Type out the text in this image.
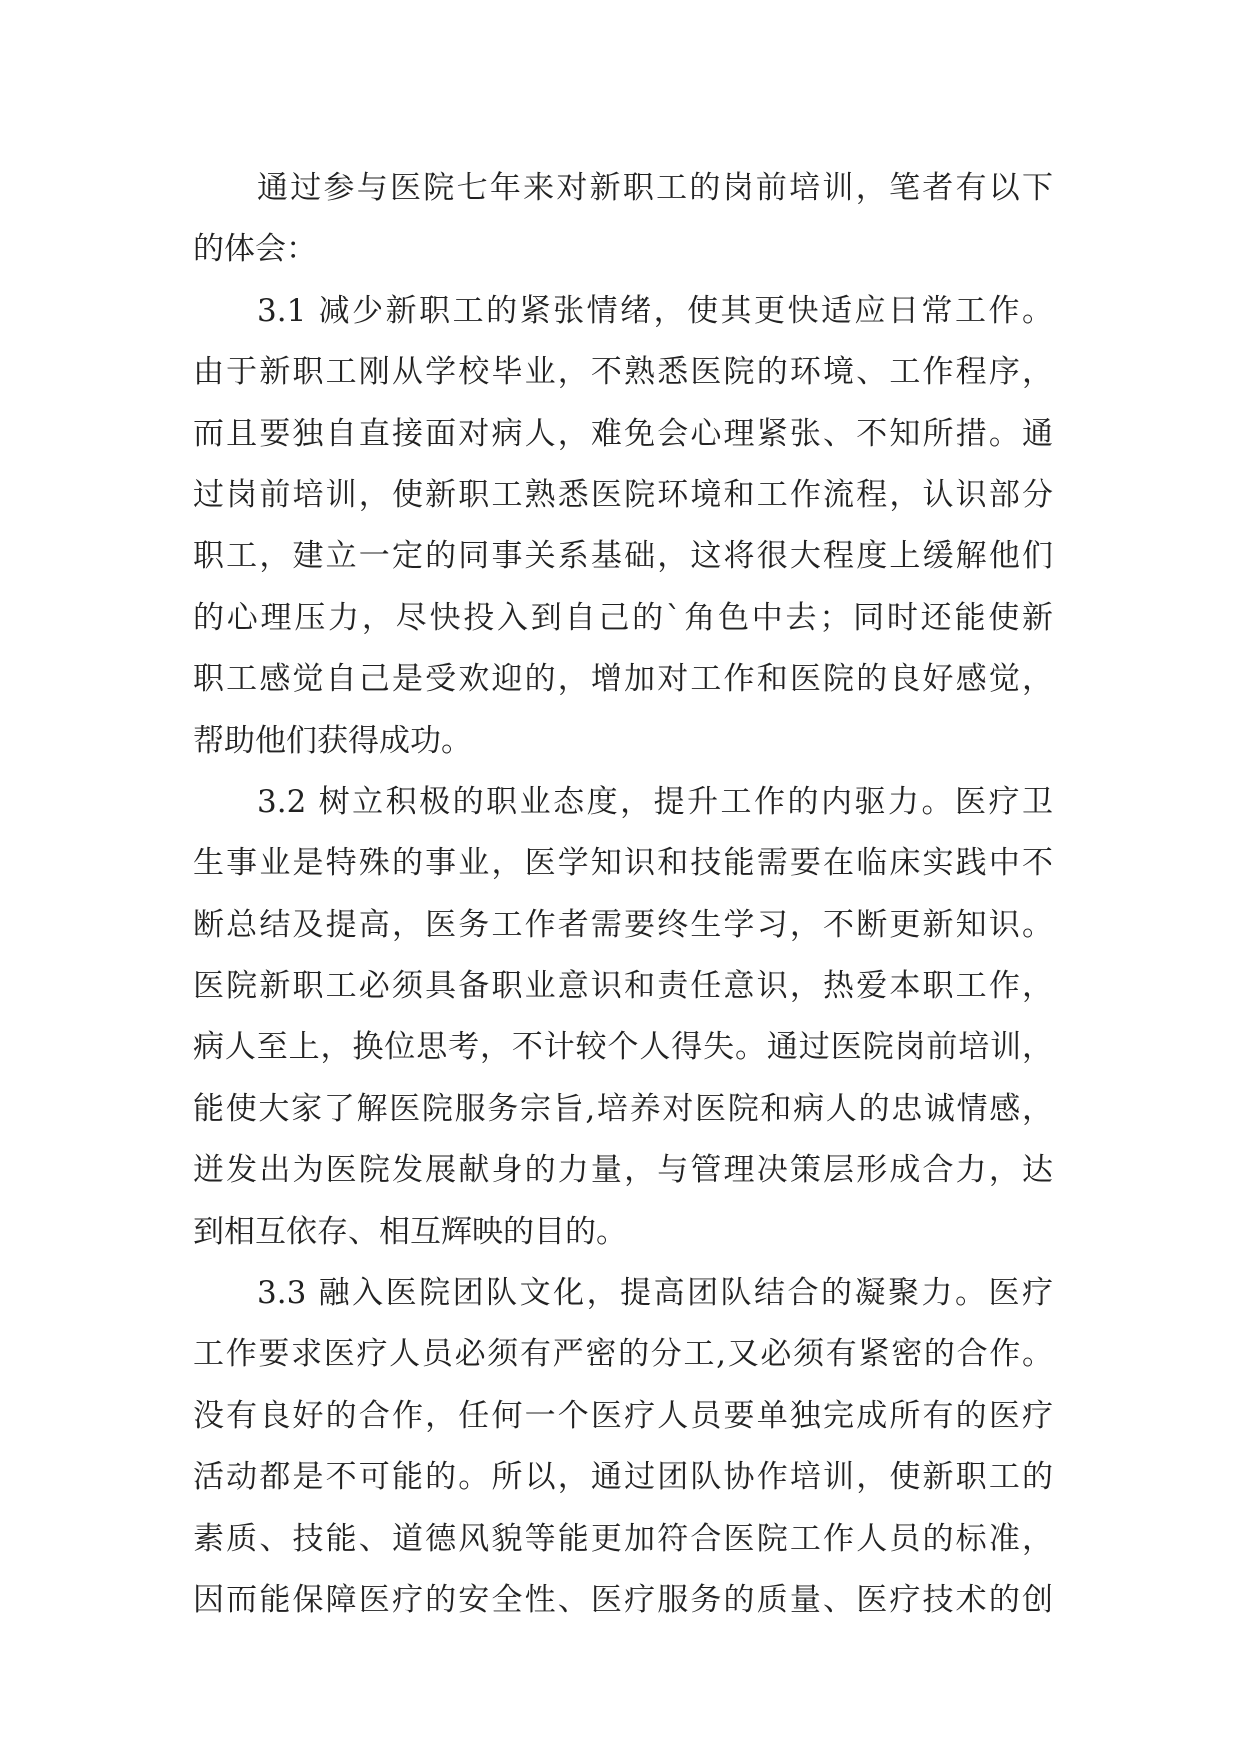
通过参与医院七年来对新职工的岗前培训，笔者有以下
的体会：
3.1 减少新职工的紧张情绪，使其更快适应日常工作。
由于新职工刚从学校毕业，不熟悉医院的环境、工作程序，
而且要独自直接面对病人，难免会心理紧张、不知所措。通
过岗前培训，使新职工熟悉医院环境和工作流程，认识部分
职工，建立一定的同事关系基础，这将很大程度上缓解他们
的心理压力，尽快投入到自己的`角色中去；同时还能使新
职工感觉自己是受欢迎的，增加对工作和医院的良好感觉，
帮助他们获得成功。
3.2 树立积极的职业态度，提升工作的内驱力。医疗卫
生事业是特殊的事业，医学知识和技能需要在临床实践中不
断总结及提高，医务工作者需要终生学习，不断更新知识。
医院新职工必须具备职业意识和责任意识，热爱本职工作，
病人至上，换位思考，不计较个人得失。通过医院岗前培训，
能使大家了解医院服务宗旨,培养对医院和病人的忠诚情感，
迸发出为医院发展献身的力量，与管理决策层形成合力，达
到相互依存、相互辉映的目的。
3.3 融入医院团队文化，提高团队结合的凝聚力。医疗
工作要求医疗人员必须有严密的分工,又必须有紧密的合作。
没有良好的合作，任何一个医疗人员要单独完成所有的医疗
活动都是不可能的。所以，通过团队协作培训，使新职工的
素质、技能、道德风貌等能更加符合医院工作人员的标准，
因而能保障医疗的安全性、医疗服务的质量、医疗技术的创
